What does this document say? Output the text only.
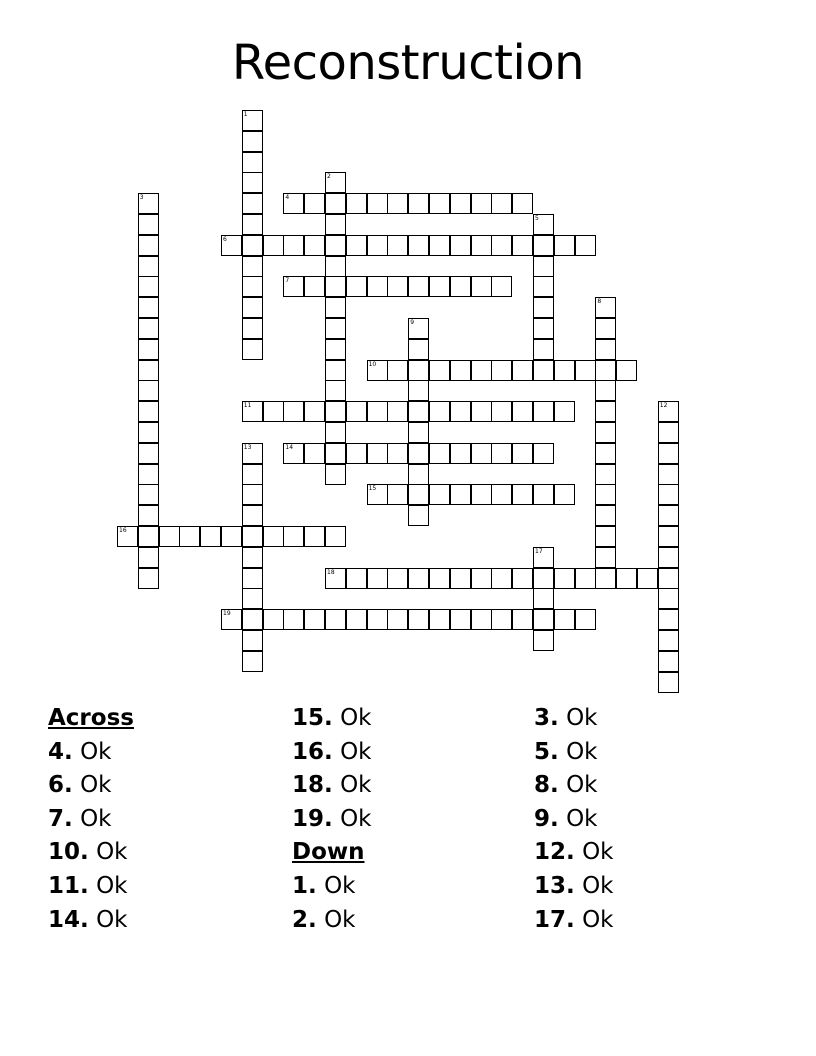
Reconstruction
1
2
3	4
5
6
7
8
9
10
11	12
13	14
15
16
17
18
19
Across
4. Ok
6. Ok
7. Ok
10. Ok
11. Ok
14. Ok
15. Ok
16. Ok
18. Ok
19. Ok
Down
1. Ok
2. Ok
3. Ok
5. Ok
8. Ok
9. Ok
12. Ok
13. Ok
17. Ok
